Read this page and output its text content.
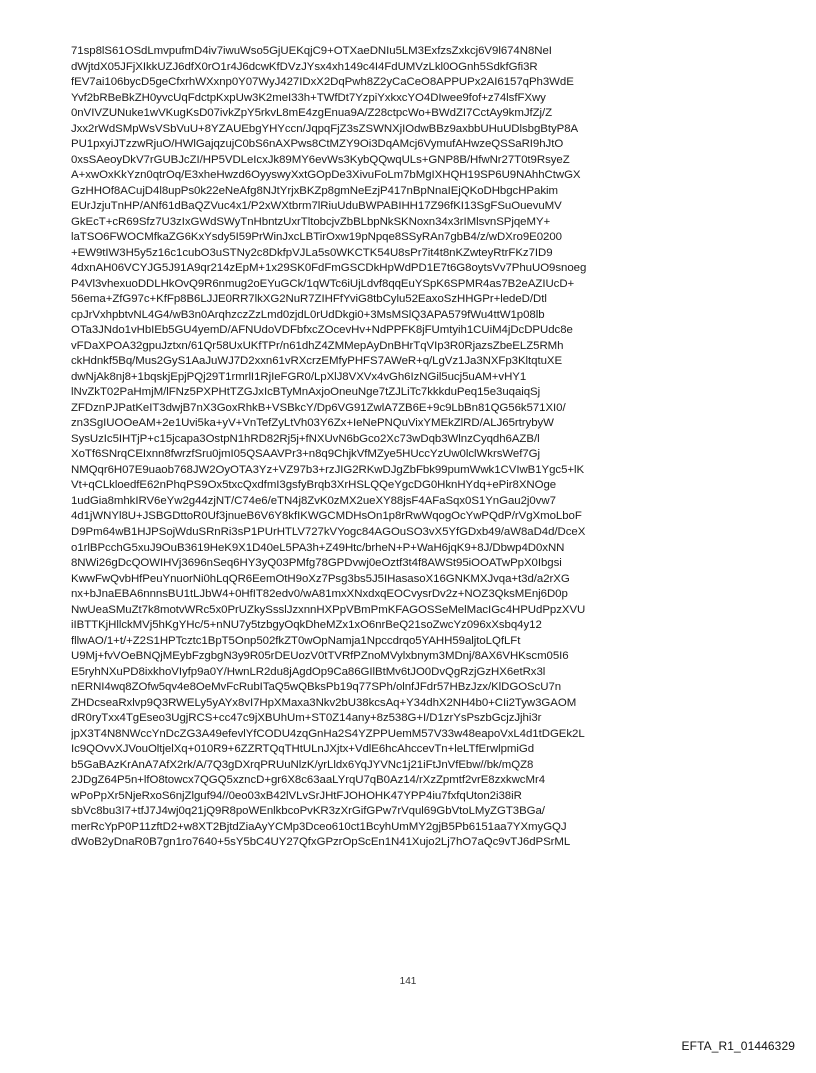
71sp8lS61OSdLmvpufmD4iv7iwuWso5GjUEKqjC9+OTXaeDNIu5LM3ExfzsZxkcj6V9l674N8NeI
dWjtdX05JFjXIkkUZJ6dfX0rO1r4J6dcwKfDVzJYsx4xh149c4I4FdUMVzLkl0OGnh5SdkfGfi3R
fEV7ai106bycD5geCfxrhWXxnp0Y07WyJ427IDxX2DqPwh8Z2yCaCeO8APPUPx2AI6157qPh3WdE
Yvf2bRBeBkZH0yvcUqFdctpKxpUw3K2meI33h+TWfDt7YzpiYxkxcYO4DIwee9fof+z74lsfFXwy
0nVIVZUNuke1wVKugKsD07ivkZpY5rkvL8mE4zgEnua9A/Z28ctpcWo+BWdZI7CctAy9kmJfZj/Z
Jxx2rWdSMpWsVSbVuU+8YZAUEbgYHYccn/JqpqFjZ3sZSWNXjIOdwBBz9axbbUHuUDlsbgBtyP8A
PU1pxyiJTzzwRjuO/HWlGajqzujC0bS6nAXPws8CtMZY9Oi3DqAMcj6VymufAHwzeQSSaRI9hJtO
0xsSAeoyDkV7rGUBJcZI/HP5VDLeIcxJk89MY6evWs3KybQQwqULs+GNP8B/HfwNr27T0t9RsyeZ
A+xwOxKkYzn0qtrOq/E3xheHwzd6OyyswyXxtGOpDe3XivuFoLm7bMgIXHQH19SP6U9NAhhCtwGX
GzHHOf8ACujD4l8upPs0k22eNeAfg8NJtYrjxBKZp8gmNeEzjP417nBpNnaIEjQKoDHbgcHPakim
EUrJzjuTnHP/ANf61dBaQZVuc4x1/P2xWXtbrm7lRiuUduBWPABIHH17Z96fKI13SgFSuOuevuMV
GkEcT+cR69Sfz7U3zIxGWdSWyTnHbntzUxrTltobcjvZbBLbpNkSKNoxn34x3rIMlsvnSPjqeMY+
laTSO6FWOCMfkaZG6KxYsdy5I59PrWinJxcLBTirOxw19pNpqe8SSyRAn7gbB4/z/wDXro9E0200
+EW9tIW3H5y5z16c1cubO3uSTNy2c8DkfpVJLa5s0WKCTK54U8sPr7it4t8nKZwteyRtrFKz7ID9
4dxnAH06VCYJG5J91A9qr214zEpM+1x29SK0FdFmGSCDkHpWdPD1E7t6G8oytsVv7PhuUO9snoeg
P4Vl3vhexuoDDLHkOvQ9R6nmug2oEYuGCk/1qWTc6iUjLdvf8qqEuYSpK6SPMR4as7B2eAZIUcD+
56ema+ZfG97c+KfFp8B6LJJE0RR7lkXG2NuR7ZIHFfYviG8tbCylu52EaxoSzHHGPr+ledeD/Dtl
cpJrVxhpbtvNL4G4/wB3n0ArqhzczZzLmd0zjdL0rUdDkgi0+3MsMSlQ3APA579fWu4ttW1p08lb
OTa3JNdo1vHbIEb5GU4yemD/AFNUdoVDFbfxcZOcevHv+NdPPFK8jFUmtyih1CUiM4jDcDPUdc8e
vFDaXPOA32gpuJztxn/61Qr58UxUKfTPr/n61dhZ4ZMMepAyDnBHrTqVIp3R0RjazsZbeELZ5RMh
ckHdnkf5Bq/Mus2GyS1AaJuWJ7D2xxn61vRXcrzEMfyPHFS7AWeR+q/LgVz1Ja3NXFp3KltqtuXE
dwNjAk8nj8+1bqskjEpjPQj29T1rmrlI1RjIeFGR0/LpXlJ8VXVx4vGh6IzNGil5ucj5uAM+vHY1
lNvZkT02PaHmjM/lFNz5PXPHtTZGJxIcBTyMnAxjoOneuNge7tZJLiTc7kkkduPeq15e3uqaiqSj
ZFDznPJPatKeIT3dwjB7nX3GoxRhkB+VSBkcY/Dp6VG91ZwlA7ZB6E+9c9LbBn81QG56k571XI0/
zn3SgIUOOeAM+2e1Uvi5ka+yV+VnTefZyLtVh03Y6Zx+IeNePNQuVixYMEkZlRD/ALJ65rtrybyW
SysUzIc5IHTjP+c15jcapa3OstpN1hRD82Rj5j+fNXUvN6bGco2Xc73wDqb3WlnzCyqdh6AZB/l
XoTf6SNrqCEIxnn8fwrzfSru0jmI05QSAAVPr3+n8q9ChjkVfMZye5HUccYzUw0lclWkrsWef7Gj
NMQqr6H07E9uaob768JW2OyOTA3Yz+VZ97b3+rzJIG2RKwDJgZbFbk99pumWwk1CVIwB1Ygc5+lK
Vt+qCLkloedfE62nPhqPS9Ox5txcQxdfmI3gsfyBrqb3XrHSLQQeYgcDG0HknHYdq+ePir8XNOge
1udGia8mhkIRV6eYw2g44zjNT/C74e6/eTN4j8ZvK0zMX2ueXY88jsF4AFaSqx0S1YnGau2j0vw7
4d1jWNYl8U+JSBGDttoR0Uf3jnueB6V6Y8kfIKWGCMDHsOn1p8rRwWqogOcYwPQdP/rVgXmoLboF
D9Pm64wB1HJPSojWduSRnRi3sP1PUrHTLV727kVYogc84AGOuSO3vX5YfGDxb49/aW8aD4d/DceX
o1rlBPcchG5xuJ9OuB3619HeK9X1D40eL5PA3h+Z49Htc/brheN+P+WaH6jqK9+8J/Dbwp4D0xNN
8NWi26gDcQOWIHVj3696nSeq6HY3yQ03PMfg78GPDvwj0eOztf3t4f8AWSt95iOOATwPpX0Ibgsi
KwwFwQvbHfPeuYnuorNi0hLqQR6EemOtH9oXz7Psg3bs5J5IHasasoX16GNKMXJvqa+t3d/a2rXG
nx+bJnaEBA6nnnsBU1tLJbW4+0HfIT82edv0/wA81mxXNxdxqEOCvysrDv2z+NOZ3QksMEnj6D0p
NwUeaSMuZt7k8motvWRc5x0PrUZkySsslJzxnnHXPpVBmPmKFAGOSSeMelMacIGc4HPUdPpzXVU
iIBTTKjHllckMVj5hKgYHc/5+nNU7y5tzbgyOqkDheMZx1xO6nrBeQ21soZwcYz096xXsbq4y12
fllwAO/1+t/+Z2S1HPTcztc1BpT5Onp502fkZT0wOpNamja1Npccdrqo5YAHH59aljtoLQfLFt
U9Mj+fvVOeBNQjMEybFzgbgN3y9R05rDEUozV0tTVRfPZnoMVylxbnym3MDnj/8AX6VHKscm05I6
E5ryhNXuPD8ixkhoVIyfp9a0Y/HwnLR2du8jAgdOp9Ca86GIlBtMv6tJO0DvQgRzjGzHX6etRx3l
nERNI4wq8ZOfw5qv4e8OeMvFcRubITaQ5wQBksPb19q77SPh/olnfJFdr57HBzJzx/KlDGOScU7n
ZHDcseaRxlvp9Q3RWELy5yAYx8vI7HpXMaxa3Nkv2bU38kcsAq+Y34dhX2NH4b0+CIi2Tyw3GAOM
dR0ryTxx4TgEseo3UgjRCS+cc47c9jXBUhUm+ST0Z14any+8z538G+I/D1zrYsPszbGcjzJjhi3r
jpX3T4N8NWccYnDcZG3A49efevlYfCODU4zqGnHa2S4YZPPUemM57V33w48eapoVxL4d1tDGEk2L
Ic9QOvvXJVouOltjelXq+010R9+6ZZRTQqTHtULnJXjtx+VdlE6hcAhccevTn+leLTfErwlpmiGd
b5GaBAzKrAnA7AfX2rk/A/7Q3gDXrqPRUuNlzK/yrLldx6YqJYVNc1j21iFtJnVfEbw//bk/mQZ8
2JDgZ64P5n+lfO8towcx7QGQ5xzncD+gr6X8c63aaLYrqU7qB0Az14/rXzZpmtf2vrE8zxkwcMr4
wPoPpXr5NjeRxoS6njZlguf94//0eo03xB42lVLvSrJHtFJOHOHK47YPP4iu7fxfqUton2i38iR
sbVc8bu3I7+tfJ7J4wj0q21jQ9R8poWEnlkbcoPvKR3zXrGifGPw7rVqul69GbVtoLMyZGT3BGa/
merRcYpP0P11zftD2+w8XT2BjtdZiaAyYCMp3Dceo610ct1BcyhUmMY2gjB5Pb6151aa7YXmyGQJ
dWoB2yDnaR0B7gn1ro7640+5sY5bC4UY27QfxGPzrOpScEn1N41Xujo2Lj7hO7aQc9vTJ6dPSrML
141
EFTA_R1_01446329
